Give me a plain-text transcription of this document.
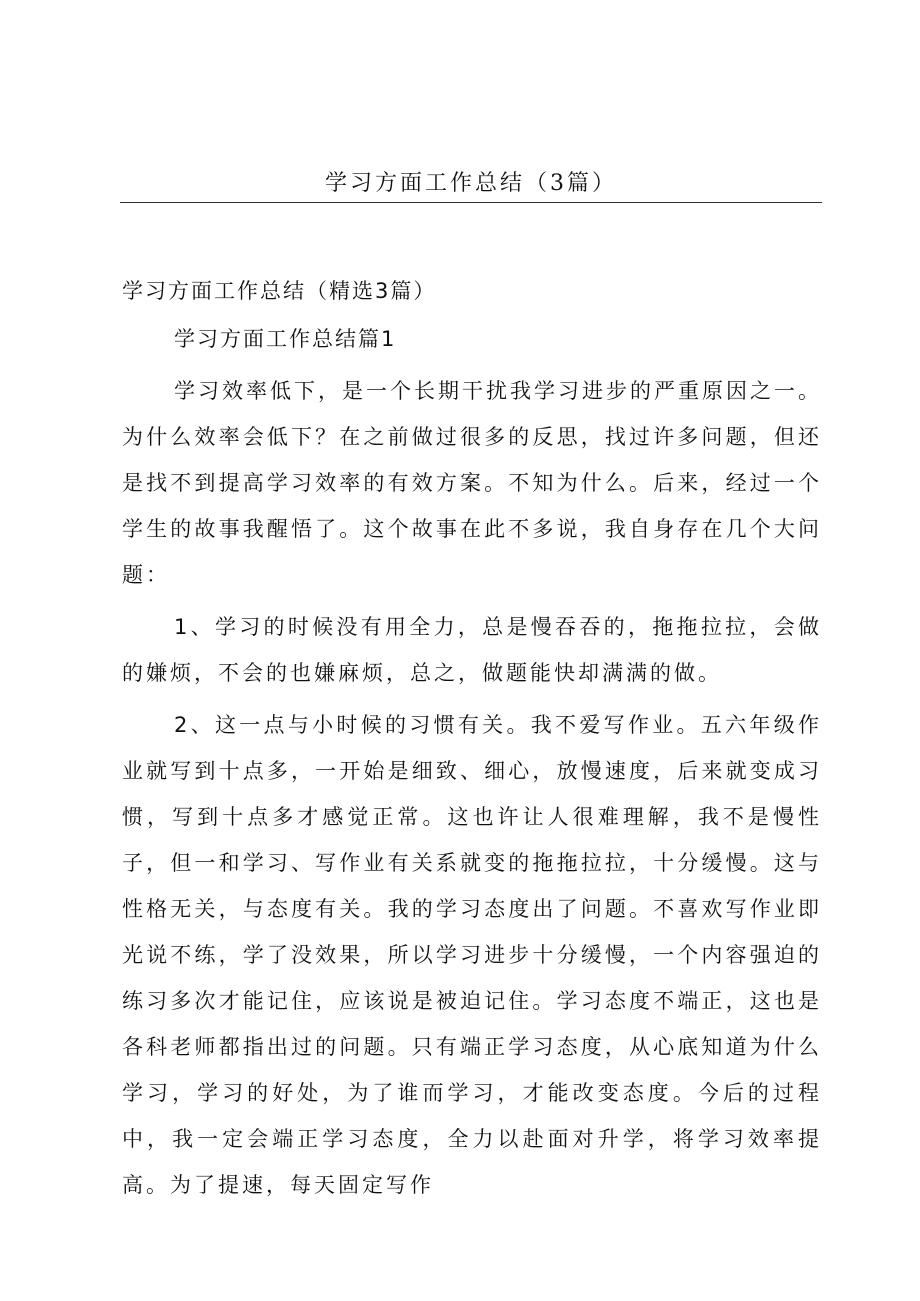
学习方面工作总结（3篇）

学习方面工作总结（精选3篇）

学习方面工作总结篇1

学习效率低下，是一个长期干扰我学习进步的严重原因之一。为什么效率会低下？在之前做过很多的反思，找过许多问题，但还是找不到提高学习效率的有效方案。不知为什么。后来，经过一个学生的故事我醒悟了。这个故事在此不多说，我自身存在几个大问题：

1、学习的时候没有用全力，总是慢吞吞的，拖拖拉拉，会做的嫌烦，不会的也嫌麻烦，总之，做题能快却满满的做。

2、这一点与小时候的习惯有关。我不爱写作业。五六年级作业就写到十点多，一开始是细致、细心，放慢速度，后来就变成习惯，写到十点多才感觉正常。这也许让人很难理解，我不是慢性子，但一和学习、写作业有关系就变的拖拖拉拉，十分缓慢。这与性格无关，与态度有关。我的学习态度出了问题。不喜欢写作业即光说不练，学了没效果，所以学习进步十分缓慢，一个内容强迫的练习多次才能记住，应该说是被迫记住。学习态度不端正，这也是各科老师都指出过的问题。只有端正学习态度，从心底知道为什么学习，学习的好处，为了谁而学习，才能改变态度。今后的过程中，我一定会端正学习态度，全力以赴面对升学，将学习效率提高。为了提速，每天固定写作
